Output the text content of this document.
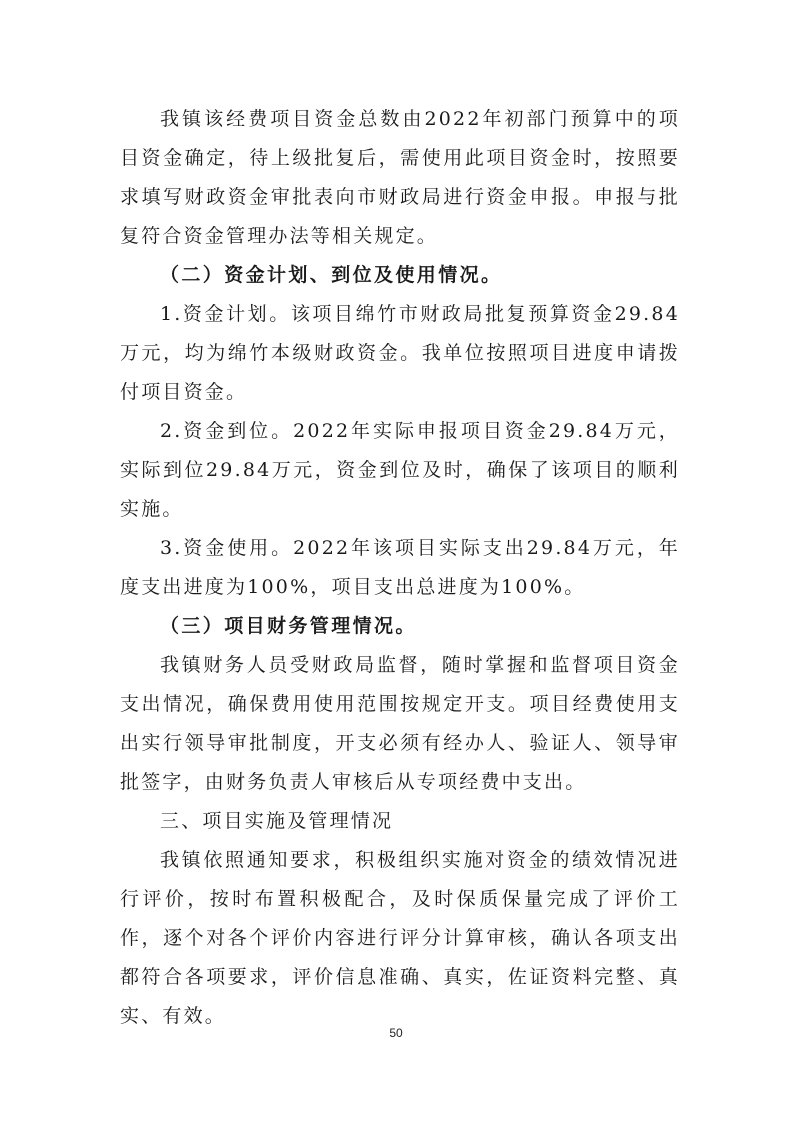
我镇该经费项目资金总数由2022年初部门预算中的项目资金确定，待上级批复后，需使用此项目资金时，按照要求填写财政资金审批表向市财政局进行资金申报。申报与批复符合资金管理办法等相关规定。

（二）资金计划、到位及使用情况。

1.资金计划。该项目绵竹市财政局批复预算资金29.84万元，均为绵竹本级财政资金。我单位按照项目进度申请拨付项目资金。

2.资金到位。2022年实际申报项目资金29.84万元，实际到位29.84万元，资金到位及时，确保了该项目的顺利实施。

3.资金使用。2022年该项目实际支出29.84万元，年度支出进度为100%，项目支出总进度为100%。

（三）项目财务管理情况。

我镇财务人员受财政局监督，随时掌握和监督项目资金支出情况，确保费用使用范围按规定开支。项目经费使用支出实行领导审批制度，开支必须有经办人、验证人、领导审批签字，由财务负责人审核后从专项经费中支出。

三、项目实施及管理情况

我镇依照通知要求，积极组织实施对资金的绩效情况进行评价，按时布置积极配合，及时保质保量完成了评价工作，逐个对各个评价内容进行评分计算审核，确认各项支出都符合各项要求，评价信息准确、真实，佐证资料完整、真实、有效。

50
